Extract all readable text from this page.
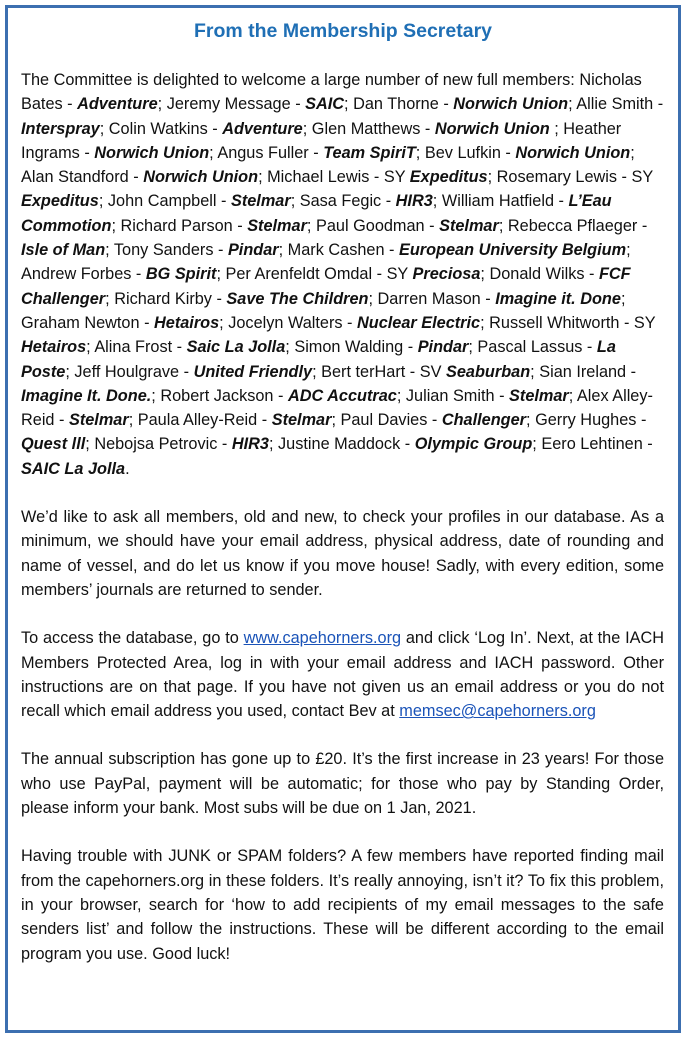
From the Membership Secretary

The Committee is delighted to welcome a large number of new full members: Nicholas Bates - Adventure; Jeremy Message - SAIC; Dan Thorne - Norwich Union; Allie Smith - Interspray; Colin Watkins - Adventure; Glen Matthews - Norwich Union ; Heather Ingrams - Norwich Union; Angus Fuller - Team SpiriT; Bev Lufkin - Norwich Union; Alan Standford - Norwich Union; Michael Lewis - SY Expeditus; Rosemary Lewis - SY Expeditus; John Campbell - Stelmar; Sasa Fegic - HIR3; William Hatfield - L’Eau Commotion; Richard Parson - Stelmar; Paul Goodman - Stelmar; Rebecca Pflaeger - Isle of Man; Tony Sanders - Pindar; Mark Cashen - European University Belgium; Andrew Forbes - BG Spirit; Per Arenfeldt Omdal - SY Preciosa; Donald Wilks - FCF Challenger; Richard Kirby - Save The Children; Darren Mason - Imagine it. Done; Graham Newton - Hetairos; Jocelyn Walters - Nuclear Electric; Russell Whitworth - SY Hetairos; Alina Frost - Saic La Jolla; Simon Walding - Pindar; Pascal Lassus - La Poste; Jeff Houlgrave - United Friendly; Bert terHart - SV Seaburban; Sian Ireland - Imagine It. Done.; Robert Jackson - ADC Accutrac; Julian Smith - Stelmar; Alex Alley-Reid - Stelmar; Paula Alley-Reid - Stelmar; Paul Davies - Challenger; Gerry Hughes - Quest lll; Nebojsa Petrovic - HIR3; Justine Maddock - Olympic Group; Eero Lehtinen - SAIC La Jolla.

We’d like to ask all members, old and new, to check your profiles in our database. As a minimum, we should have your email address, physical address, date of rounding and name of vessel, and do let us know if you move house! Sadly, with every edition, some members’ journals are returned to sender.

To access the database, go to www.capehorners.org and click ‘Log In’. Next, at the IACH Members Protected Area, log in with your email address and IACH password. Other instructions are on that page. If you have not given us an email address or you do not recall which email address you used, contact Bev at memsec@capehorners.org

The annual subscription has gone up to £20. It’s the first increase in 23 years! For those who use PayPal, payment will be automatic; for those who pay by Standing Order, please inform your bank. Most subs will be due on 1 Jan, 2021.

Having trouble with JUNK or SPAM folders? A few members have reported finding mail from the capehorners.org in these folders. It’s really annoying, isn’t it? To fix this problem, in your browser, search for ‘how to add recipients of my email messages to the safe senders list’ and follow the instructions. These will be different according to the email program you use. Good luck!
